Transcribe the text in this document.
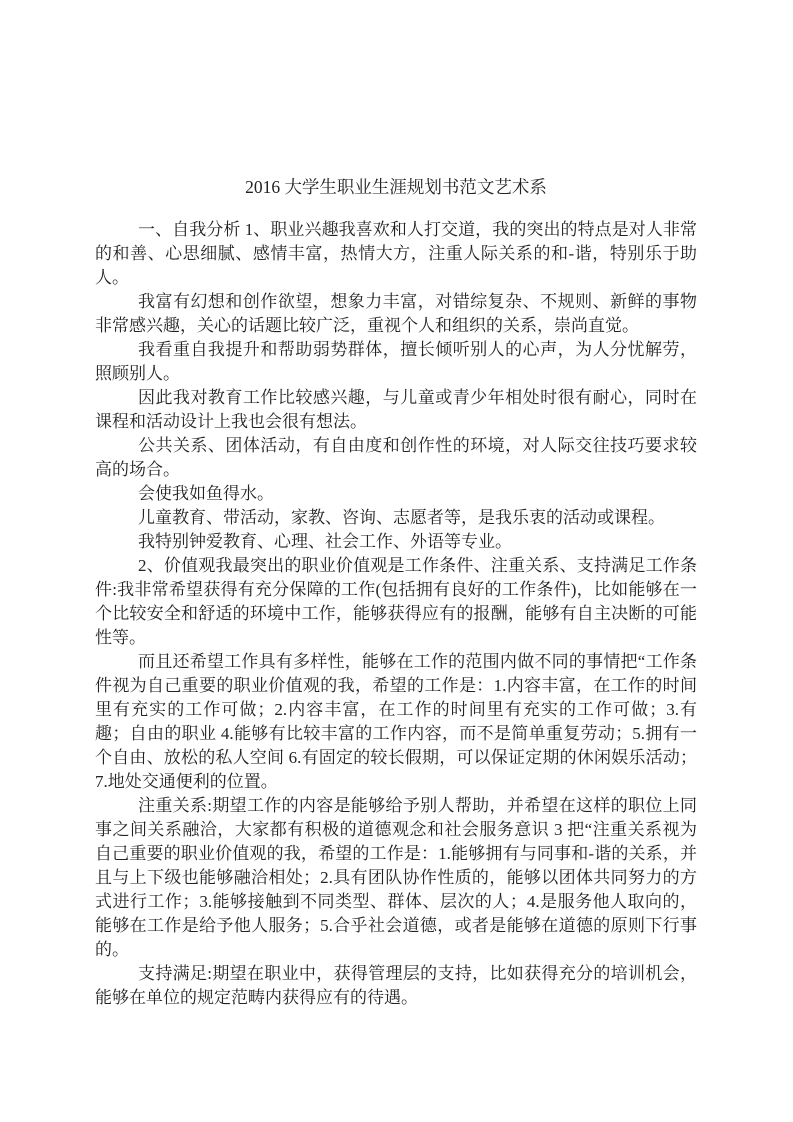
2016 大学生职业生涯规划书范文艺术系

一、自我分析 1、职业兴趣我喜欢和人打交道，我的突出的特点是对人非常的和善、心思细腻、感情丰富，热情大方，注重人际关系的和-谐，特别乐于助人。

我富有幻想和创作欲望，想象力丰富，对错综复杂、不规则、新鲜的事物非常感兴趣，关心的话题比较广泛，重视个人和组织的关系，崇尚直觉。

我看重自我提升和帮助弱势群体，擅长倾听别人的心声，为人分忧解劳，照顾别人。

因此我对教育工作比较感兴趣，与儿童或青少年相处时很有耐心，同时在课程和活动设计上我也会很有想法。

公共关系、团体活动，有自由度和创作性的环境，对人际交往技巧要求较高的场合。

会使我如鱼得水。

儿童教育、带活动，家教、咨询、志愿者等，是我乐衷的活动或课程。

我特别钟爱教育、心理、社会工作、外语等专业。

2、价值观我最突出的职业价值观是工作条件、注重关系、支持满足工作条件:我非常希望获得有充分保障的工作(包括拥有良好的工作条件)，比如能够在一个比较安全和舒适的环境中工作，能够获得应有的报酬，能够有自主决断的可能性等。

而且还希望工作具有多样性，能够在工作的范围内做不同的事情把“工作条件视为自己重要的职业价值观的我，希望的工作是：1.内容丰富，在工作的时间里有充实的工作可做；2.内容丰富，在工作的时间里有充实的工作可做；3.有趣；自由的职业 4.能够有比较丰富的工作内容，而不是简单重复劳动；5.拥有一个自由、放松的私人空间 6.有固定的较长假期，可以保证定期的休闲娱乐活动；7.地处交通便利的位置。

注重关系:期望工作的内容是能够给予别人帮助，并希望在这样的职位上同事之间关系融洽，大家都有积极的道德观念和社会服务意识 3 把“注重关系视为自己重要的职业价值观的我，希望的工作是：1.能够拥有与同事和-谐的关系，并且与上下级也能够融洽相处；2.具有团队协作性质的，能够以团体共同努力的方式进行工作；3.能够接触到不同类型、群体、层次的人；4.是服务他人取向的，能够在工作是给予他人服务；5.合乎社会道德，或者是能够在道德的原则下行事的。

支持满足:期望在职业中，获得管理层的支持，比如获得充分的培训机会，能够在单位的规定范畴内获得应有的待遇。
